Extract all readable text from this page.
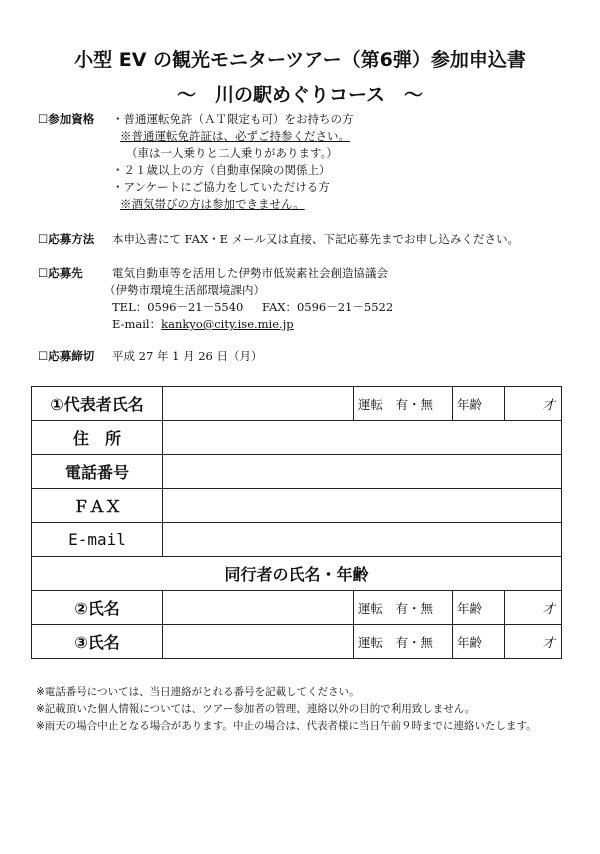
小型 EV の観光モニターツアー（第6弾）参加申込書
～　川の駅めぐりコース　～
☐参加資格 ・普通運転免許（ＡＴ限定も可）をお持ちの方
※普通運転免許証は、必ずご持参ください。
（車は一人乗りと二人乗りがあります。）
・２１歳以上の方（自動車保険の関係上）
・アンケートにご協力をしていただける方
※酒気帯びの方は参加できません。
☐応募方法 本申込書にて FAX・E メール又は直接、下記応募先までお申し込みください。
☐応募先	電気自動車等を活用した伊勢市低炭素社会創造協議会
（伊勢市環境生活部環境課内）
TEL：0596－21－5540 FAX：0596－21－5522
E-mail：kankyo@city.ise.mie.jp
☐応募締切 平成 27 年 1 月 26 日（月）
①代表者氏名		運転　有・無	年齢	才
住　所				
電話番号				
ＦＡＸ				
E-mail				
同行者の氏名・年齢				
②氏名		運転　有・無	年齢	才
③氏名		運転　有・無	年齢	才
※電話番号については、当日連絡がとれる番号を記載してください。
※記載頂いた個人情報については、ツアー参加者の管理、連絡以外の目的で利用致しません。
※雨天の場合中止となる場合があります。中止の場合は、代表者様に当日午前９時までに連絡いたします。
